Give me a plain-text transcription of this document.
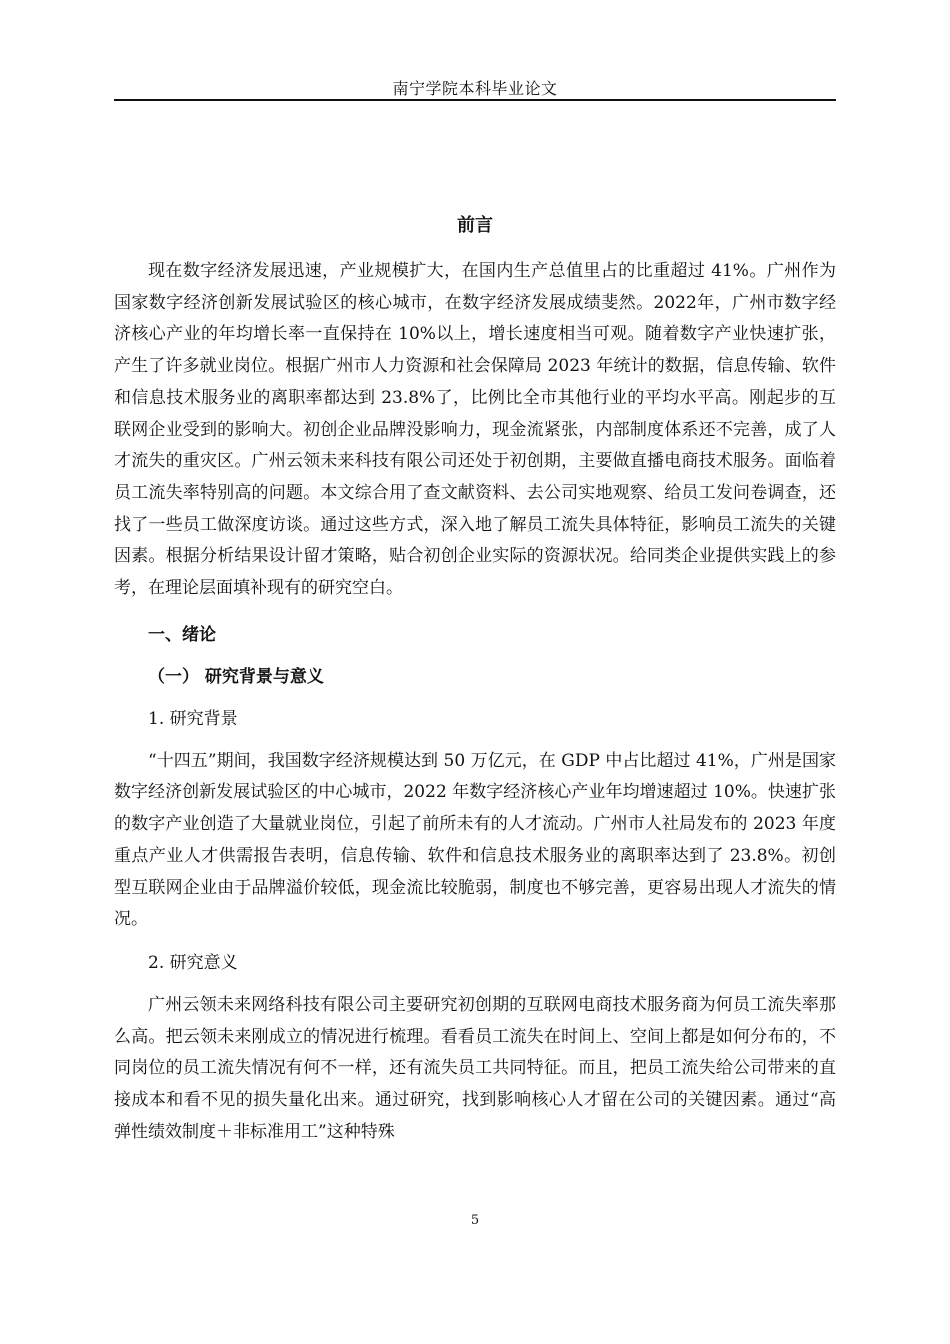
南宁学院本科毕业论文
前言

现在数字经济发展迅速，产业规模扩大，在国内生产总值里占的比重超过 41%。广州作为国家数字经济创新发展试验区的核心城市，在数字经济发展成绩斐然。2022年，广州市数字经济核心产业的年均增长率一直保持在 10%以上，增长速度相当可观。随着数字产业快速扩张，产生了许多就业岗位。根据广州市人力资源和社会保障局 2023 年统计的数据，信息传输、软件和信息技术服务业的离职率都达到 23.8%了，比例比全市其他行业的平均水平高。刚起步的互联网企业受到的影响大。初创企业品牌没影响力，现金流紧张，内部制度体系还不完善，成了人才流失的重灾区。广州云领未来科技有限公司还处于初创期，主要做直播电商技术服务。面临着员工流失率特别高的问题。本文综合用了查文献资料、去公司实地观察、给员工发问卷调查，还找了一些员工做深度访谈。通过这些方式，深入地了解员工流失具体特征，影响员工流失的关键因素。根据分析结果设计留才策略，贴合初创企业实际的资源状况。给同类企业提供实践上的参考，在理论层面填补现有的研究空白。

一、绪论
（一） 研究背景与意义
1. 研究背景

“十四五”期间，我国数字经济规模达到 50 万亿元，在 GDP 中占比超过 41%，广州是国家数字经济创新发展试验区的中心城市，2022 年数字经济核心产业年均增速超过 10%。快速扩张的数字产业创造了大量就业岗位，引起了前所未有的人才流动。广州市人社局发布的 2023 年度重点产业人才供需报告表明，信息传输、软件和信息技术服务业的离职率达到了 23.8%。初创型互联网企业由于品牌溢价较低，现金流比较脆弱，制度也不够完善，更容易出现人才流失的情况。

2. 研究意义

广州云领未来网络科技有限公司主要研究初创期的互联网电商技术服务商为何员工流失率那么高。把云领未来刚成立的情况进行梳理。看看员工流失在时间上、空间上都是如何分布的，不同岗位的员工流失情况有何不一样，还有流失员工共同特征。而且，把员工流失给公司带来的直接成本和看不见的损失量化出来。通过研究，找到影响核心人才留在公司的关键因素。通过“高弹性绩效制度＋非标准用工”这种特殊

5
